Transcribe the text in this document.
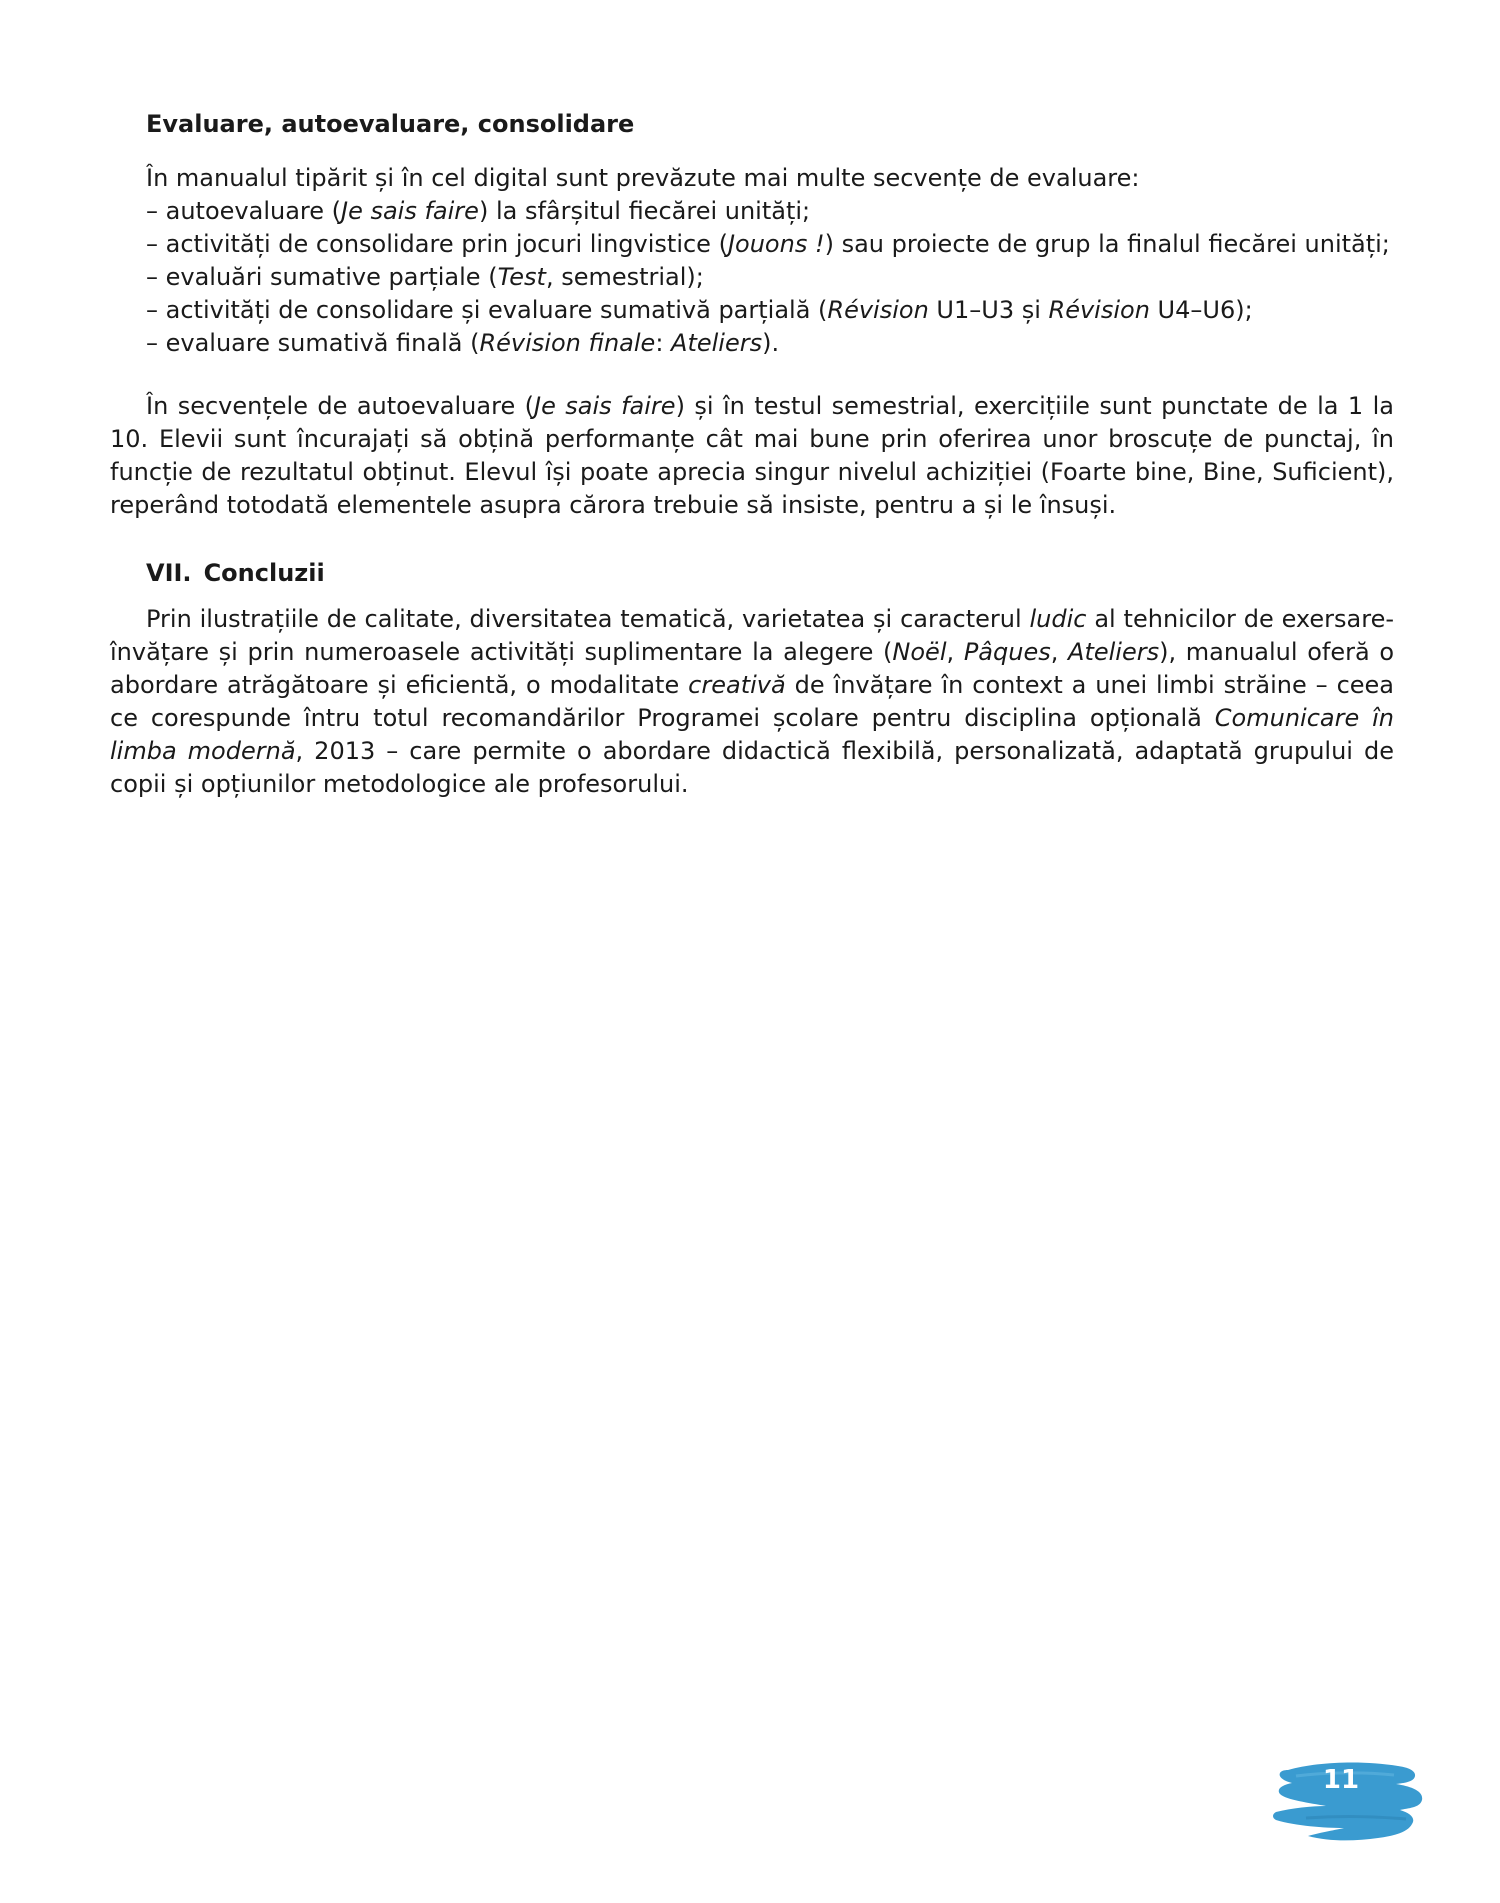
Evaluare, autoevaluare, consolidare
În manualul tipărit și în cel digital sunt prevăzute mai multe secvențe de evaluare:
– autoevaluare (Je sais faire) la sfârșitul fiecărei unități;
– activități de consolidare prin jocuri lingvistice (Jouons !) sau proiecte de grup la finalul fiecărei unități;
– evaluări sumative parțiale (Test, semestrial);
– activități de consolidare și evaluare sumativă parțială (Révision U1–U3 și Révision U4–U6);
– evaluare sumativă finală (Révision finale: Ateliers).

În secvențele de autoevaluare (Je sais faire) și în testul semestrial, exercițiile sunt punctate de la 1 la 10. Elevii sunt încurajați să obțină performanțe cât mai bune prin oferirea unor broscuțe de punctaj, în funcție de rezultatul obținut. Elevul își poate aprecia singur nivelul achiziției (Foarte bine, Bine, Suficient), reperând totodată elementele asupra cărora trebuie să insiste, pentru a și le însuși.

VII. Concluzii

Prin ilustrațiile de calitate, diversitatea tematică, varietatea și caracterul ludic al tehnicilor de exersare-învățare și prin numeroasele activități suplimentare la alegere (Noël, Pâques, Ateliers), manualul oferă o abordare atrăgătoare și eficientă, o modalitate creativă de învățare în context a unei limbi străine – ceea ce corespunde întru totul recomandărilor Programei școlare pentru disciplina opțională Comunicare în limba modernă, 2013 – care permite o abordare didactică flexibilă, personalizată, adaptată grupului de copii și opțiunilor metodologice ale profesorului.

11
